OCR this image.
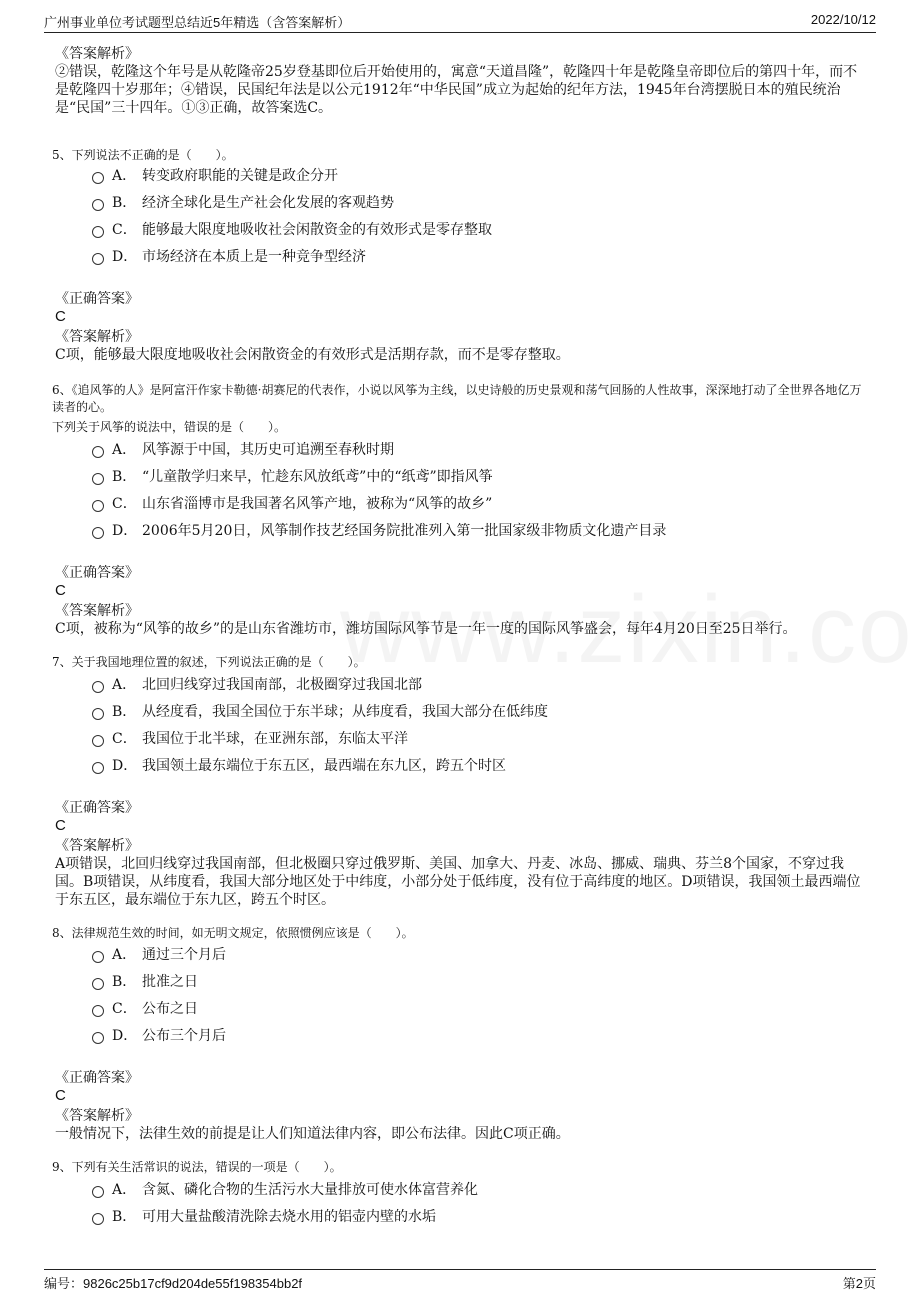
广州事业单位考试题型总结近5年精选（含答案解析）	2022/10/12
《答案解析》
②错误，乾隆这个年号是从乾隆帝25岁登基即位后开始使用的，寓意“天道昌隆”，乾隆四十年是乾隆皇帝即位后的第四十年，而不是乾隆四十岁那年；④错误，民国纪年法是以公元1912年“中华民国”成立为起始的纪年方法，1945年台湾摆脱日本的殖民统治是“民国”三十四年。①③正确，故答案选C。
5、下列说法不正确的是（　　）。
A． 转变政府职能的关键是政企分开
B． 经济全球化是生产社会化发展的客观趋势
C． 能够最大限度地吸收社会闲散资金的有效形式是零存整取
D． 市场经济在本质上是一种竞争型经济
《正确答案》
C
《答案解析》
C项，能够最大限度地吸收社会闲散资金的有效形式是活期存款，而不是零存整取。
6、《追风筝的人》是阿富汗作家卡勒德·胡赛尼的代表作，小说以风筝为主线，以史诗般的历史景观和荡气回肠的人性故事，深深地打动了全世界各地亿万读者的心。
下列关于风筝的说法中，错误的是（　　）。
A． 风筝源于中国，其历史可追溯至春秋时期
B． “儿童散学归来早，忙趁东风放纸鸢”中的“纸鸢”即指风筝
C． 山东省淄博市是我国著名风筝产地，被称为“风筝的故乡”
D． 2006年5月20日，风筝制作技艺经国务院批准列入第一批国家级非物质文化遗产目录
《正确答案》
C
《答案解析》
C项，被称为“风筝的故乡”的是山东省潍坊市，潍坊国际风筝节是一年一度的国际风筝盛会，每年4月20日至25日举行。
7、关于我国地理位置的叙述，下列说法正确的是（　　）。
A． 北回归线穿过我国南部，北极圈穿过我国北部
B． 从经度看，我国全国位于东半球；从纬度看，我国大部分在低纬度
C． 我国位于北半球，在亚洲东部，东临太平洋
D． 我国领土最东端位于东五区，最西端在东九区，跨五个时区
《正确答案》
C
《答案解析》
A项错误，北回归线穿过我国南部，但北极圈只穿过俄罗斯、美国、加拿大、丹麦、冰岛、挪威、瑞典、芬兰8个国家，不穿过我国。B项错误，从纬度看，我国大部分地区处于中纬度，小部分处于低纬度，没有位于高纬度的地区。D项错误，我国领土最西端位于东五区，最东端位于东九区，跨五个时区。
8、法律规范生效的时间，如无明文规定，依照惯例应该是（　　）。
A． 通过三个月后
B． 批准之日
C． 公布之日
D． 公布三个月后
《正确答案》
C
《答案解析》
一般情况下，法律生效的前提是让人们知道法律内容，即公布法律。因此C项正确。
9、下列有关生活常识的说法，错误的一项是（　　）。
A． 含氮、磷化合物的生活污水大量排放可使水体富营养化
B． 可用大量盐酸清洗除去烧水用的铝壶内壁的水垢
编号：9826c25b17cf9d204de55f198354bb2f	第2页
